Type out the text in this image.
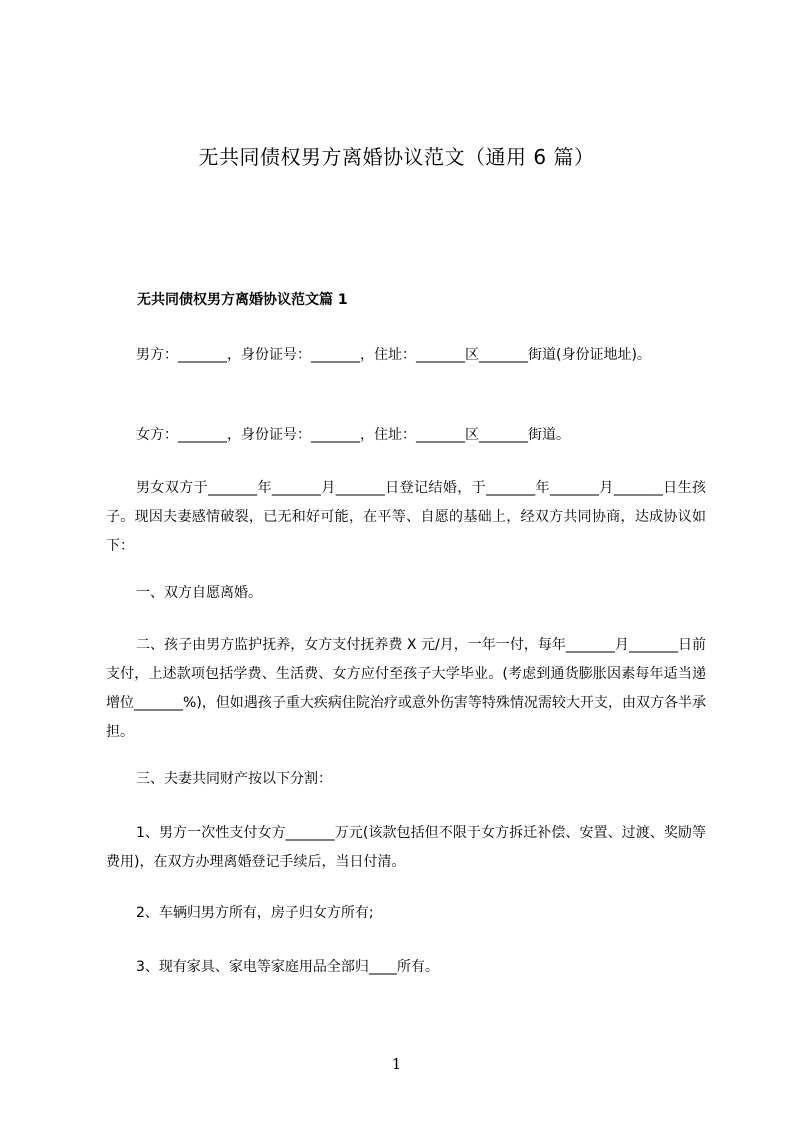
无共同债权男方离婚协议范文（通用 6 篇）
无共同债权男方离婚协议范文篇 1
男方：_______，身份证号：_______，住址：_______区_______街道(身份证地址)。
女方：_______，身份证号：_______，住址：_______区_______街道。
男女双方于_______年_______月_______日登记结婚，于_______年_______月_______日生孩子。现因夫妻感情破裂，已无和好可能，在平等、自愿的基础上，经双方共同协商，达成协议如下：
一、双方自愿离婚。
二、孩子由男方监护抚养，女方支付抚养费 X 元/月，一年一付，每年_______月_______日前支付，上述款项包括学费、生活费、女方应付至孩子大学毕业。(考虑到通货膨胀因素每年适当递增位_______%)，但如遇孩子重大疾病住院治疗或意外伤害等特殊情况需较大开支，由双方各半承担。
三、夫妻共同财产按以下分割：
1、男方一次性支付女方_______万元(该款包括但不限于女方拆迁补偿、安置、过渡、奖励等费用)，在双方办理离婚登记手续后，当日付清。
2、车辆归男方所有，房子归女方所有;
3、现有家具、家电等家庭用品全部归____所有。
1
